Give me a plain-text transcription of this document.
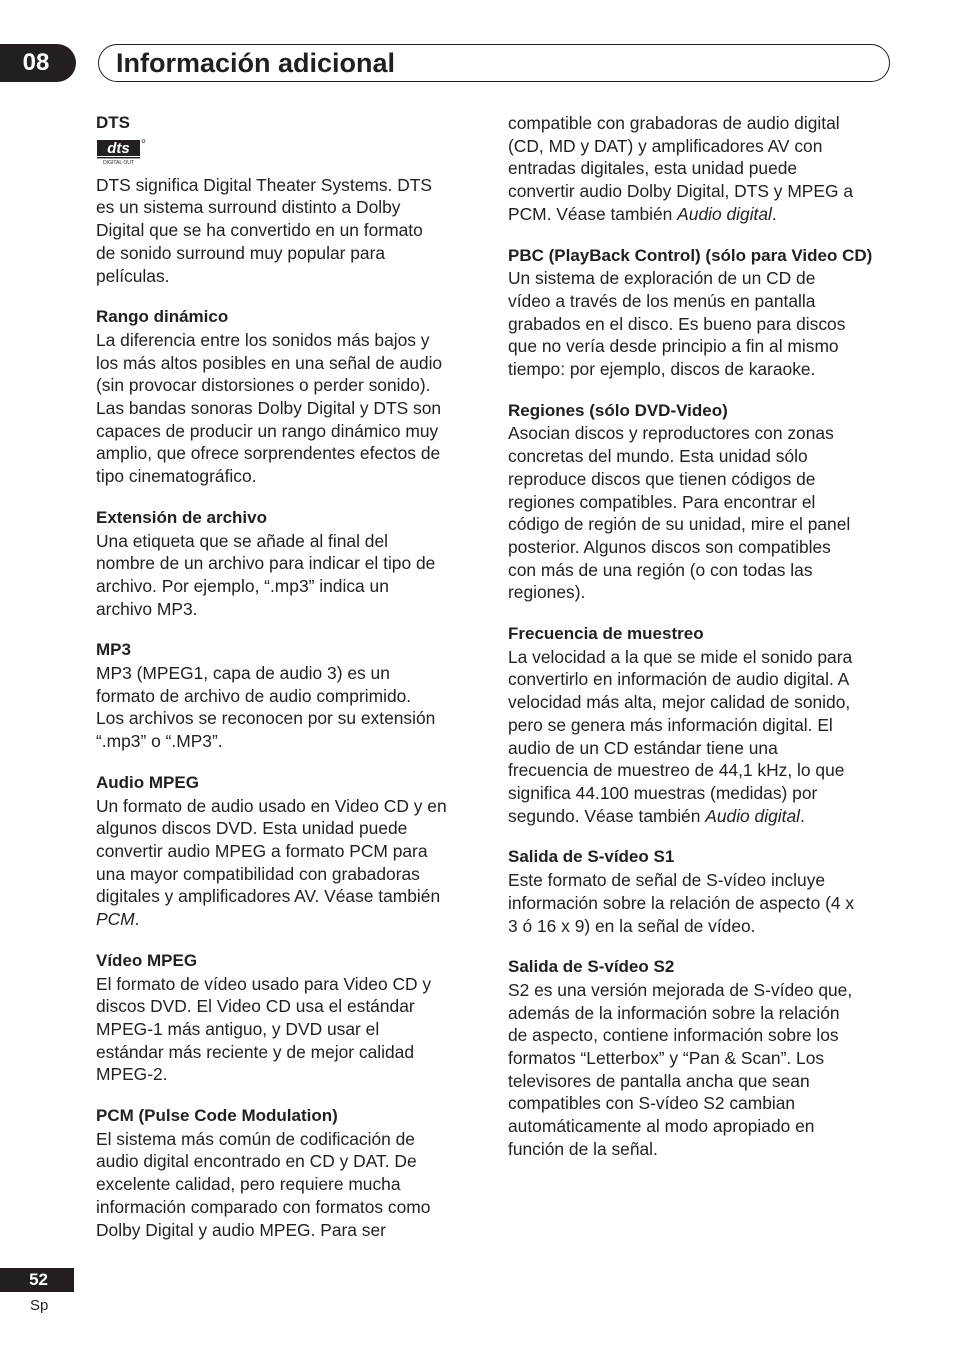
08	Información adicional
DTS
dts
DIGITAL OUT

DTS significa Digital Theater Systems. DTS
es un sistema surround distinto a Dolby
Digital que se ha convertido en un formato
de sonido surround muy popular para
películas.

Rango dinámico

La diferencia entre los sonidos más bajos y
los más altos posibles en una señal de audio
(sin provocar distorsiones o perder sonido).
Las bandas sonoras Dolby Digital y DTS son
capaces de producir un rango dinámico muy
amplio, que ofrece sorprendentes efectos de
tipo cinematográfico.

Extensión de archivo

Una etiqueta que se añade al final del
nombre de un archivo para indicar el tipo de
archivo. Por ejemplo, “.mp3” indica un
archivo MP3.

MP3

MP3 (MPEG1, capa de audio 3) es un
formato de archivo de audio comprimido.
Los archivos se reconocen por su extensión
“.mp3” o “.MP3”.

Audio MPEG

Un formato de audio usado en Video CD y en
algunos discos DVD. Esta unidad puede
convertir audio MPEG a formato PCM para
una mayor compatibilidad con grabadoras
digitales y amplificadores AV. Véase también PCM.

Vídeo MPEG

El formato de vídeo usado para Video CD y
discos DVD. El Video CD usa el estándar
MPEG-1 más antiguo, y DVD usar el
estándar más reciente y de mejor calidad
MPEG-2.

PCM (Pulse Code Modulation)

El sistema más común de codificación de
audio digital encontrado en CD y DAT. De
excelente calidad, pero requiere mucha
información comparado con formatos como
Dolby Digital y audio MPEG. Para ser

compatible con grabadoras de audio digital
(CD, MD y DAT) y amplificadores AV con
entradas digitales, esta unidad puede
convertir audio Dolby Digital, DTS y MPEG a
PCM. Véase también Audio digital.

PBC (PlayBack Control) (sólo para Video CD)

Un sistema de exploración de un CD de
vídeo a través de los menús en pantalla
grabados en el disco. Es bueno para discos
que no vería desde principio a fin al mismo
tiempo: por ejemplo, discos de karaoke.

Regiones (sólo DVD-Video)

Asocian discos y reproductores con zonas
concretas del mundo. Esta unidad sólo
reproduce discos que tienen códigos de
regiones compatibles. Para encontrar el
código de región de su unidad, mire el panel
posterior. Algunos discos son compatibles
con más de una región (o con todas las
regiones).

Frecuencia de muestreo

La velocidad a la que se mide el sonido para
convertirlo en información de audio digital. A
velocidad más alta, mejor calidad de sonido,
pero se genera más información digital. El
audio de un CD estándar tiene una
frecuencia de muestreo de 44,1 kHz, lo que
significa 44.100 muestras (medidas) por
segundo. Véase también Audio digital.

Salida de S-vídeo S1

Este formato de señal de S-vídeo incluye
información sobre la relación de aspecto (4 x
3 ó 16 x 9) en la señal de vídeo.

Salida de S-vídeo S2

S2 es una versión mejorada de S-vídeo que,
además de la información sobre la relación
de aspecto, contiene información sobre los
formatos “Letterbox” y “Pan & Scan”. Los
televisores de pantalla ancha que sean
compatibles con S-vídeo S2 cambian
automáticamente al modo apropiado en
función de la señal.

52
Sp
